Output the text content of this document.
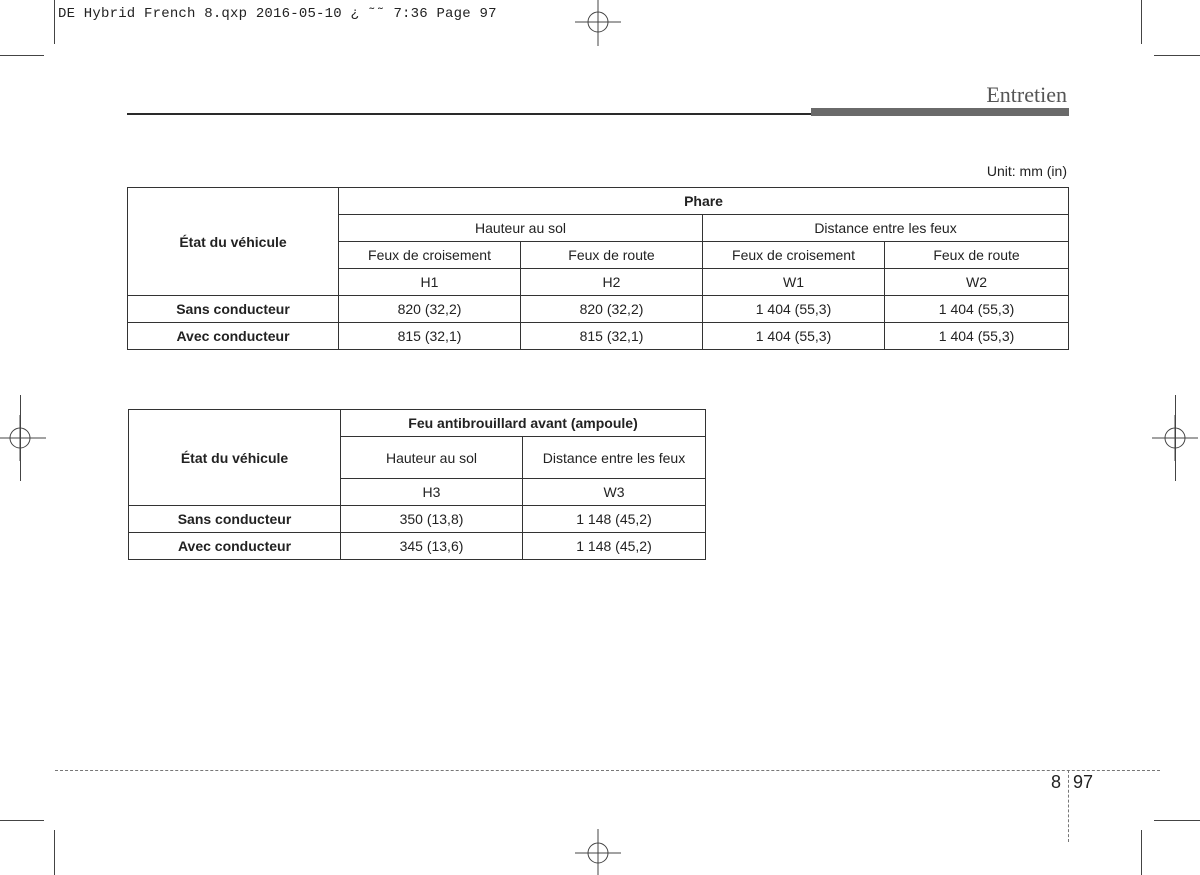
DE Hybrid French 8.qxp 2016-05-10 ¿ ˜˜ 7:36 Page 97
Entretien
Unit: mm (in)
État du véhicule	Phare			
	Hauteur au sol		Distance entre les feux	
	Feux de croisement	Feux de route	Feux de croisement	Feux de route
	H1	H2	W1	W2
Sans conducteur	820 (32,2)	820 (32,2)	1 404 (55,3)	1 404 (55,3)
Avec conducteur	815 (32,1)	815 (32,1)	1 404 (55,3)	1 404 (55,3)
État du véhicule	Feu antibrouillard avant (ampoule)	
	Hauteur au sol	Distance entre les feux
	H3	W3
Sans conducteur	350 (13,8)	1 148 (45,2)
Avec conducteur	345 (13,6)	1 148 (45,2)
8 97
